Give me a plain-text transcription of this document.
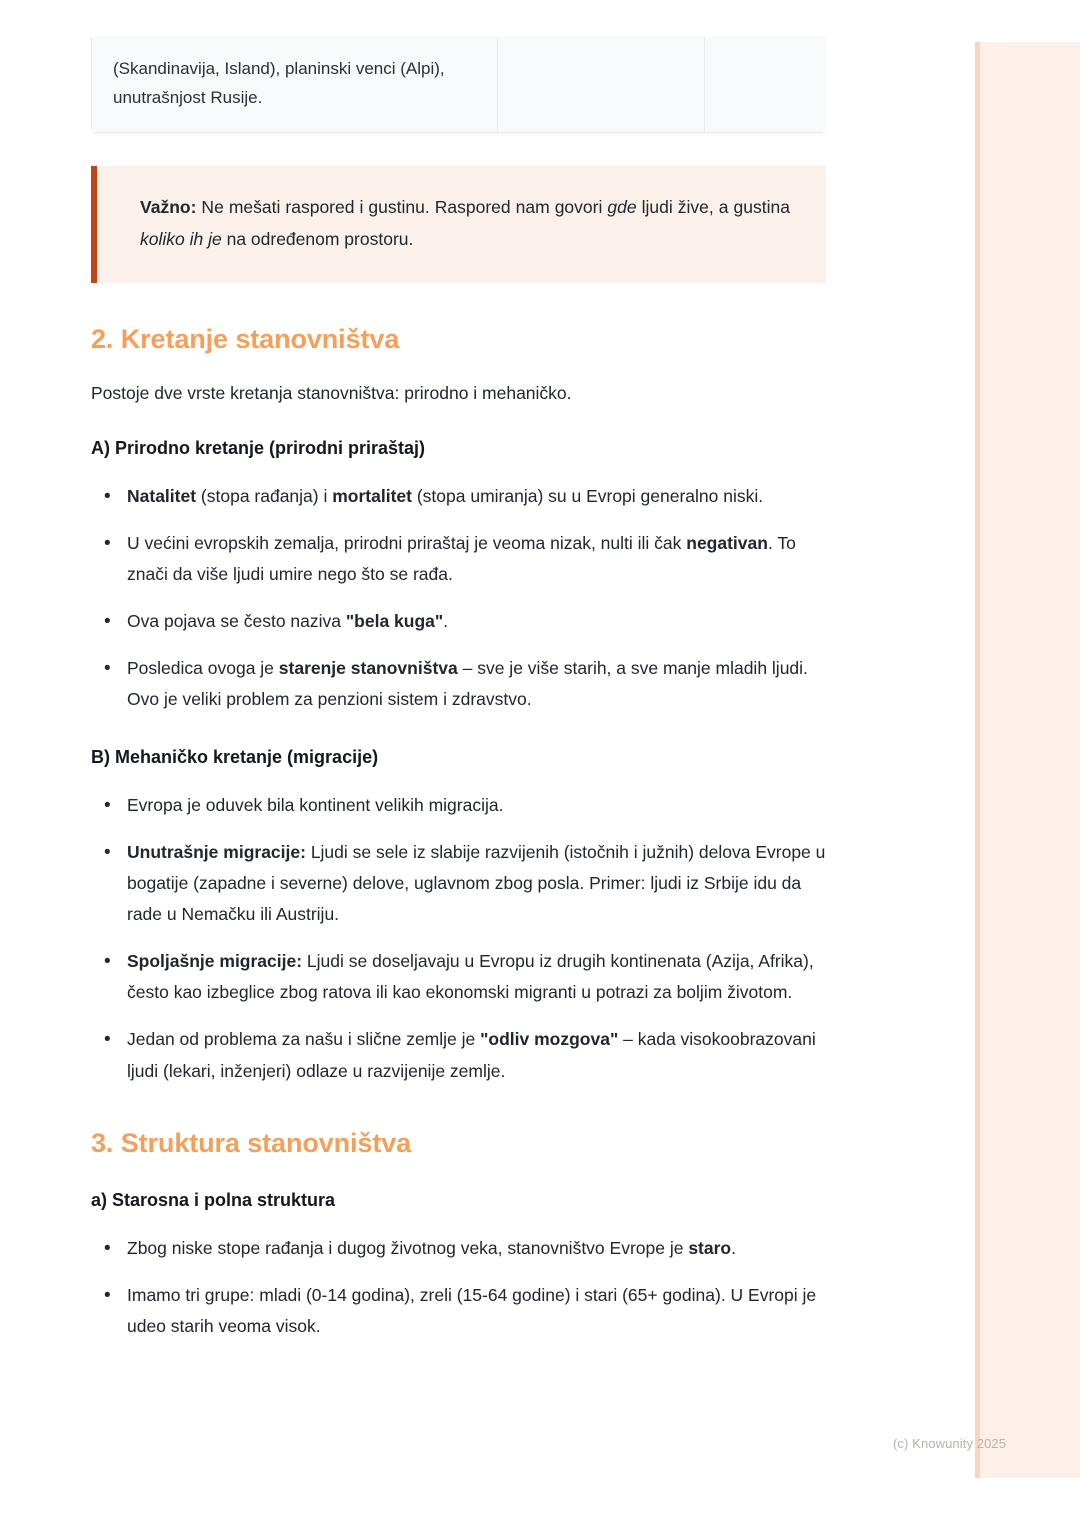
(Skandinavija, Island), planinski venci (Alpi), unutrašnjost Rusije.		
Važno: Ne mešati raspored i gustinu. Raspored nam govori gde ljudi žive, a gustina koliko ih je na određenom prostoru.
2. Kretanje stanovništva

Postoje dve vrste kretanja stanovništva: prirodno i mehaničko.

A) Prirodno kretanje (prirodni priraštaj)
• Natalitet (stopa rađanja) i mortalitet (stopa umiranja) su u Evropi generalno niski.
• U većini evropskih zemalja, prirodni priraštaj je veoma nizak, nulti ili čak negativan. To znači da više ljudi umire nego što se rađa.
• Ova pojava se često naziva "bela kuga".
• Posledica ovoga je starenje stanovništva – sve je više starih, a sve manje mladih ljudi. Ovo je veliki problem za penzioni sistem i zdravstvo.
B) Mehaničko kretanje (migracije)
• Evropa je oduvek bila kontinent velikih migracija.
• Unutrašnje migracije: Ljudi se sele iz slabije razvijenih (istočnih i južnih) delova Evrope u bogatije (zapadne i severne) delove, uglavnom zbog posla. Primer: ljudi iz Srbije idu da rade u Nemačku ili Austriju.
• Spoljašnje migracije: Ljudi se doseljavaju u Evropu iz drugih kontinenata (Azija, Afrika), često kao izbeglice zbog ratova ili kao ekonomski migranti u potrazi za boljim životom.
• Jedan od problema za našu i slične zemlje je "odliv mozgova" – kada visokoobrazovani ljudi (lekari, inženjeri) odlaze u razvijenije zemlje.
3. Struktura stanovništva
a) Starosna i polna struktura
• Zbog niske stope rađanja i dugog životnog veka, stanovništvo Evrope je staro.
• Imamo tri grupe: mladi (0-14 godina), zreli (15-64 godine) i stari (65+ godina). U Evropi je udeo starih veoma visok.
(c) Knowunity 2025
